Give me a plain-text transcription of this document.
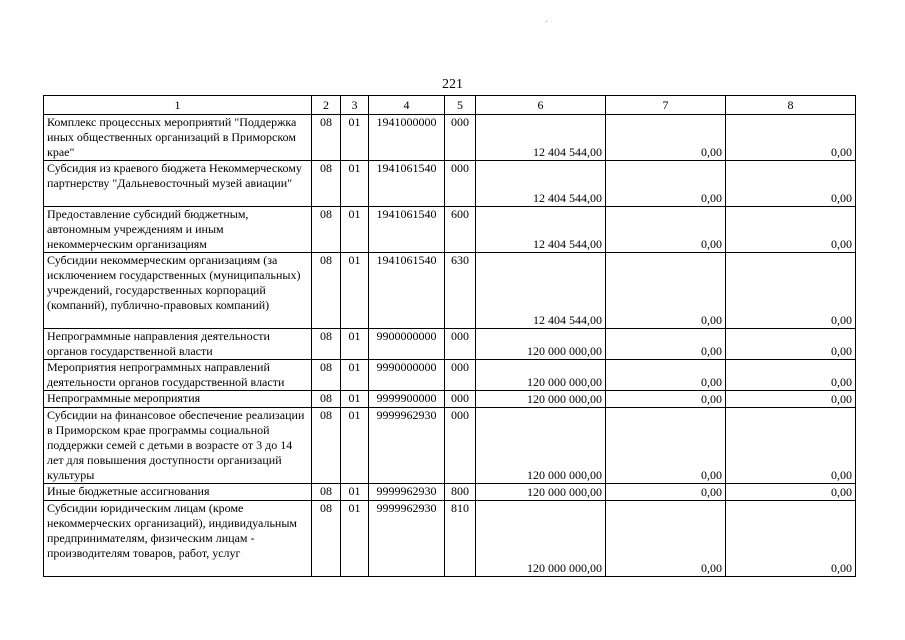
221
1	2	3	4	5	6	7	8
Комплекс процессных мероприятий "Поддержка иных общественных организаций в Приморском крае"	08	01	1941000000	000	12 404 544,00	0,00	0,00
Субсидия из краевого бюджета Некоммерческому партнерству "Дальневосточный музей авиации"	08	01	1941061540	000	12 404 544,00	0,00	0,00
Предоставление субсидий бюджетным, автономным учреждениям и иным некоммерческим организациям	08	01	1941061540	600	12 404 544,00	0,00	0,00
Субсидии некоммерческим организациям (за исключением государственных (муниципальных) учреждений, государственных корпораций (компаний), публично-правовых компаний)	08	01	1941061540	630	12 404 544,00	0,00	0,00
Непрограммные направления деятельности органов государственной власти	08	01	9900000000	000	120 000 000,00	0,00	0,00
Мероприятия непрограммных направлений деятельности органов государственной власти	08	01	9990000000	000	120 000 000,00	0,00	0,00
Непрограммные мероприятия	08	01	9999900000	000	120 000 000,00	0,00	0,00
Субсидии на финансовое обеспечение реализации в Приморском крае программы социальной поддержки семей с детьми в возрасте от 3 до 14 лет для повышения доступности организаций культуры	08	01	9999962930	000	120 000 000,00	0,00	0,00
Иные бюджетные ассигнования	08	01	9999962930	800	120 000 000,00	0,00	0,00
Субсидии юридическим лицам (кроме некоммерческих организаций), индивидуальным предпринимателям, физическим лицам - производителям товаров, работ, услуг	08	01	9999962930	810	120 000 000,00	0,00	0,00
